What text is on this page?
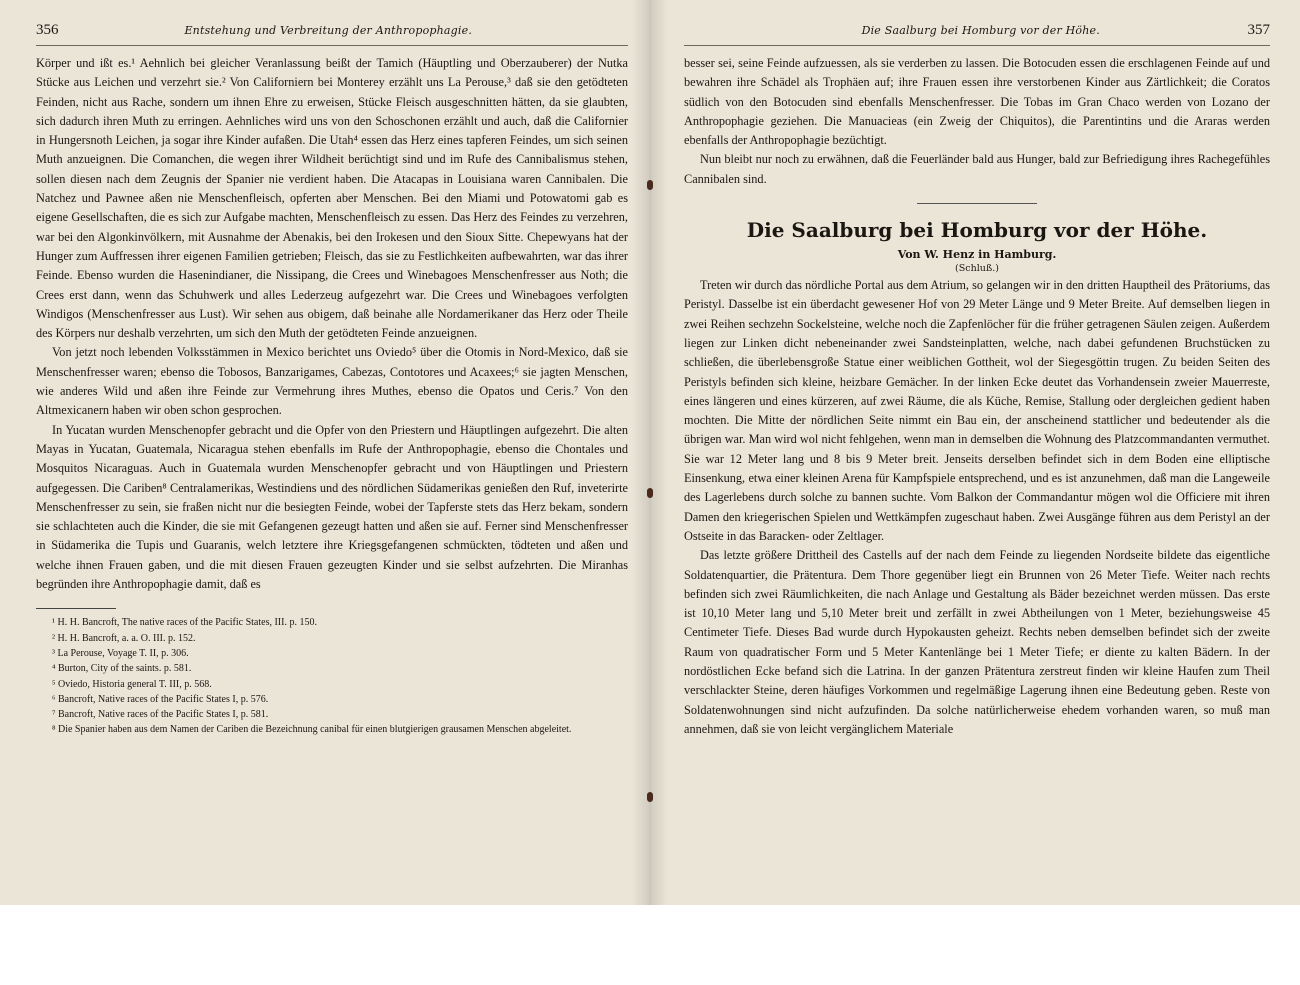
356	Entstehung und Verbreitung der Anthropophagie.

Körper und ißt es.¹ Aehnlich bei gleicher Veranlassung beißt der Tamich (Häuptling und Oberzauberer) der Nutka Stücke aus Leichen und verzehrt sie.² Von Californiern bei Monterey erzählt uns La Perouse,³ daß sie den getödteten Feinden, nicht aus Rache, sondern um ihnen Ehre zu erweisen, Stücke Fleisch ausgeschnitten hätten, da sie glaubten, sich dadurch ihren Muth zu erringen. Aehnliches wird uns von den Schoschonen erzählt und auch, daß die Californier in Hungersnoth Leichen, ja sogar ihre Kinder aufaßen. Die Utah⁴ essen das Herz eines tapferen Feindes, um sich seinen Muth anzueignen. Die Comanchen, die wegen ihrer Wildheit berüchtigt sind und im Rufe des Cannibalismus stehen, sollen diesen nach dem Zeugnis der Spanier nie verdient haben. Die Atacapas in Louisiana waren Cannibalen. Die Natchez und Pawnee aßen nie Menschenfleisch, opferten aber Menschen. Bei den Miami und Potowatomi gab es eigene Gesellschaften, die es sich zur Aufgabe machten, Menschenfleisch zu essen. Das Herz des Feindes zu verzehren, war bei den Algonkinvölkern, mit Ausnahme der Abenakis, bei den Irokesen und den Sioux Sitte. Chepewyans hat der Hunger zum Auffressen ihrer eigenen Familien getrieben; Fleisch, das sie zu Festlichkeiten aufbewahrten, war das ihrer Feinde. Ebenso wurden die Hasenindianer, die Nissipang, die Crees und Winebagoes Menschenfresser aus Noth; die Crees erst dann, wenn das Schuhwerk und alles Lederzeug aufgezehrt war. Die Crees und Winebagoes verfolgten Windigos (Menschenfresser aus Lust). Wir sehen aus obigem, daß beinahe alle Nordamerikaner das Herz oder Theile des Körpers nur deshalb verzehrten, um sich den Muth der getödteten Feinde anzueignen.

Von jetzt noch lebenden Volksstämmen in Mexico berichtet uns Oviedo⁵ über die Otomis in Nord-Mexico, daß sie Menschenfresser waren; ebenso die Tobosos, Banzarigames, Cabezas, Contotores und Acaxees;⁶ sie jagten Menschen, wie anderes Wild und aßen ihre Feinde zur Vermehrung ihres Muthes, ebenso die Opatos und Ceris.⁷ Von den Altmexicanern haben wir oben schon gesprochen.

In Yucatan wurden Menschenopfer gebracht und die Opfer von den Priestern und Häuptlingen aufgezehrt. Die alten Mayas in Yucatan, Guatemala, Nicaragua stehen ebenfalls im Rufe der Anthropophagie, ebenso die Chontales und Mosquitos Nicaraguas. Auch in Guatemala wurden Menschenopfer gebracht und von Häuptlingen und Priestern aufgegessen. Die Cariben⁸ Centralamerikas, Westindiens und des nördlichen Südamerikas genießen den Ruf, inveterirte Menschenfresser zu sein, sie fraßen nicht nur die besiegten Feinde, wobei der Tapferste stets das Herz bekam, sondern sie schlachteten auch die Kinder, die sie mit Gefangenen gezeugt hatten und aßen sie auf. Ferner sind Menschenfresser in Südamerika die Tupis und Guaranis, welch letztere ihre Kriegsgefangenen schmückten, tödteten und aßen und welche ihnen Frauen gaben, und die mit diesen Frauen gezeugten Kinder und sie selbst aufzehrten. Die Miranhas begründen ihre Anthropophagie damit, daß es

¹ H. H. Bancroft, The native races of the Pacific States, III. p. 150.

² H. H. Bancroft, a. a. O. III. p. 152.

³ La Perouse, Voyage T. II, p. 306.

⁴ Burton, City of the saints. p. 581.

⁵ Oviedo, Historia general T. III, p. 568.

⁶ Bancroft, Native races of the Pacific States I, p. 576.

⁷ Bancroft, Native races of the Pacific States I, p. 581.

⁸ Die Spanier haben aus dem Namen der Cariben die Bezeichnung canibal für einen blutgierigen grausamen Menschen abgeleitet.

Die Saalburg bei Homburg vor der Höhe.	357

besser sei, seine Feinde aufzuessen, als sie verderben zu lassen. Die Botocuden essen die erschlagenen Feinde auf und bewahren ihre Schädel als Trophäen auf; ihre Frauen essen ihre verstorbenen Kinder aus Zärtlichkeit; die Coratos südlich von den Botocuden sind ebenfalls Menschenfresser. Die Tobas im Gran Chaco werden von Lozano der Anthropophagie geziehen. Die Manuacieas (ein Zweig der Chiquitos), die Parentintins und die Araras werden ebenfalls der Anthropophagie bezüchtigt.

Nun bleibt nur noch zu erwähnen, daß die Feuerländer bald aus Hunger, bald zur Befriedigung ihres Rachegefühles Cannibalen sind.

Die Saalburg bei Homburg vor der Höhe.
Von W. Henz in Hamburg.
(Schluß.)

Treten wir durch das nördliche Portal aus dem Atrium, so gelangen wir in den dritten Hauptheil des Prätoriums, das Peristyl. Dasselbe ist ein überdacht gewesener Hof von 29 Meter Länge und 9 Meter Breite. Auf demselben liegen in zwei Reihen sechzehn Sockelsteine, welche noch die Zapfenlöcher für die früher getragenen Säulen zeigen. Außerdem liegen zur Linken dicht nebeneinander zwei Sandsteinplatten, welche, nach dabei gefundenen Bruchstücken zu schließen, die überlebensgroße Statue einer weiblichen Gottheit, wol der Siegesgöttin trugen. Zu beiden Seiten des Peristyls befinden sich kleine, heizbare Gemächer. In der linken Ecke deutet das Vorhandensein zweier Mauerreste, eines längeren und eines kürzeren, auf zwei Räume, die als Küche, Remise, Stallung oder dergleichen gedient haben mochten. Die Mitte der nördlichen Seite nimmt ein Bau ein, der anscheinend stattlicher und bedeutender als die übrigen war. Man wird wol nicht fehlgehen, wenn man in demselben die Wohnung des Platzcommandanten vermuthet. Sie war 12 Meter lang und 8 bis 9 Meter breit. Jenseits derselben befindet sich in dem Boden eine elliptische Einsenkung, etwa einer kleinen Arena für Kampfspiele entsprechend, und es ist anzunehmen, daß man die Langeweile des Lagerlebens durch solche zu bannen suchte. Vom Balkon der Commandantur mögen wol die Officiere mit ihren Damen den kriegerischen Spielen und Wettkämpfen zugeschaut haben. Zwei Ausgänge führen aus dem Peristyl an der Ostseite in das Baracken- oder Zeltlager.

Das letzte größere Drittheil des Castells auf der nach dem Feinde zu liegenden Nordseite bildete das eigentliche Soldatenquartier, die Prätentura. Dem Thore gegenüber liegt ein Brunnen von 26 Meter Tiefe. Weiter nach rechts befinden sich zwei Räumlichkeiten, die nach Anlage und Gestaltung als Bäder bezeichnet werden müssen. Das erste ist 10,10 Meter lang und 5,10 Meter breit und zerfällt in zwei Abtheilungen von 1 Meter, beziehungsweise 45 Centimeter Tiefe. Dieses Bad wurde durch Hypokausten geheizt. Rechts neben demselben befindet sich der zweite Raum von quadratischer Form und 5 Meter Kantenlänge bei 1 Meter Tiefe; er diente zu kalten Bädern. In der nordöstlichen Ecke befand sich die Latrina. In der ganzen Prätentura zerstreut finden wir kleine Haufen zum Theil verschlackter Steine, deren häufiges Vorkommen und regelmäßige Lagerung ihnen eine Bedeutung geben. Reste von Soldatenwohnungen sind nicht aufzufinden. Da solche natürlicherweise ehedem vorhanden waren, so muß man annehmen, daß sie von leicht vergänglichem Materiale
